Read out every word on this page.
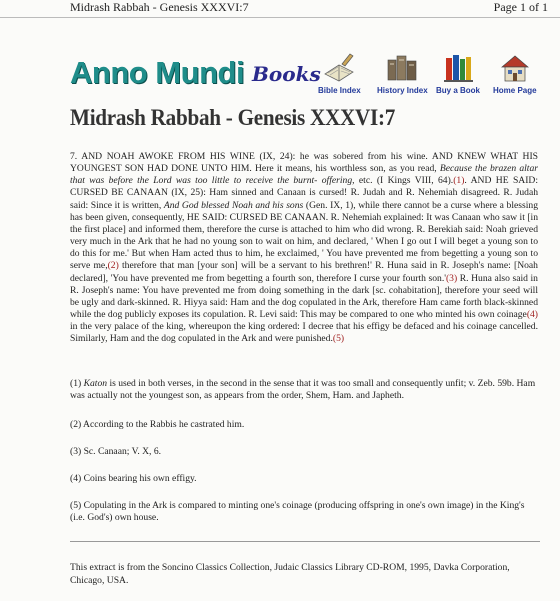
Midrash Rabbah - Genesis XXXVI:7	Page 1 of 1
Anno Mundi Books
Bible Index History Index Buy a Book Home Page
Midrash Rabbah - Genesis XXXVI:7
7. AND NOAH AWOKE FROM HIS WINE (IX, 24): he was sobered from his wine. AND KNEW WHAT HIS YOUNGEST SON HAD DONE UNTO HIM. Here it means, his worthless son, as you read, Because the brazen altar that was before the Lord was too little to receive the burnt- offering, etc. (I Kings VIII, 64).(1). AND HE SAID: CURSED BE CANAAN (IX, 25): Ham sinned and Canaan is cursed! R. Judah and R. Nehemiah disagreed. R. Judah said: Since it is written, And God blessed Noah and his sons (Gen. IX, 1), while there cannot be a curse where a blessing has been given, consequently, HE SAID: CURSED BE CANAAN. R. Nehemiah explained: It was Canaan who saw it [in the first place] and informed them, therefore the curse is attached to him who did wrong. R. Berekiah said: Noah grieved very much in the Ark that he had no young son to wait on him, and declared, ' When I go out I will beget a young son to do this for me.' But when Ham acted thus to him, he exclaimed, ' You have prevented me from begetting a young son to serve me,(2) therefore that man [your son] will be a servant to his brethren!' R. Huna said in R. Joseph's name: [Noah declared], 'You have prevented me from begetting a fourth son, therefore I curse your fourth son.'(3) R. Huna also said in R. Joseph's name: You have prevented me from doing something in the dark [sc. cohabitation], therefore your seed will be ugly and dark-skinned. R. Hiyya said: Ham and the dog copulated in the Ark, therefore Ham came forth black-skinned while the dog publicly exposes its copulation. R. Levi said: This may be compared to one who minted his own coinage(4) in the very palace of the king, whereupon the king ordered: I decree that his effigy be defaced and his coinage cancelled. Similarly, Ham and the dog copulated in the Ark and were punished.(5)
(1) Katon is used in both verses, in the second in the sense that it was too small and consequently unfit; v. Zeb. 59b. Ham was actually not the youngest son, as appears from the order, Shem, Ham. and Japheth.
(2) According to the Rabbis he castrated him.
(3) Sc. Canaan; V. X, 6.
(4) Coins bearing his own effigy.
(5) Copulating in the Ark is compared to minting one's coinage (producing offspring in one's own image) in the King's (i.e. God's) own house.
This extract is from the Soncino Classics Collection, Judaic Classics Library CD-ROM, 1995, Davka Corporation, Chicago, USA.
